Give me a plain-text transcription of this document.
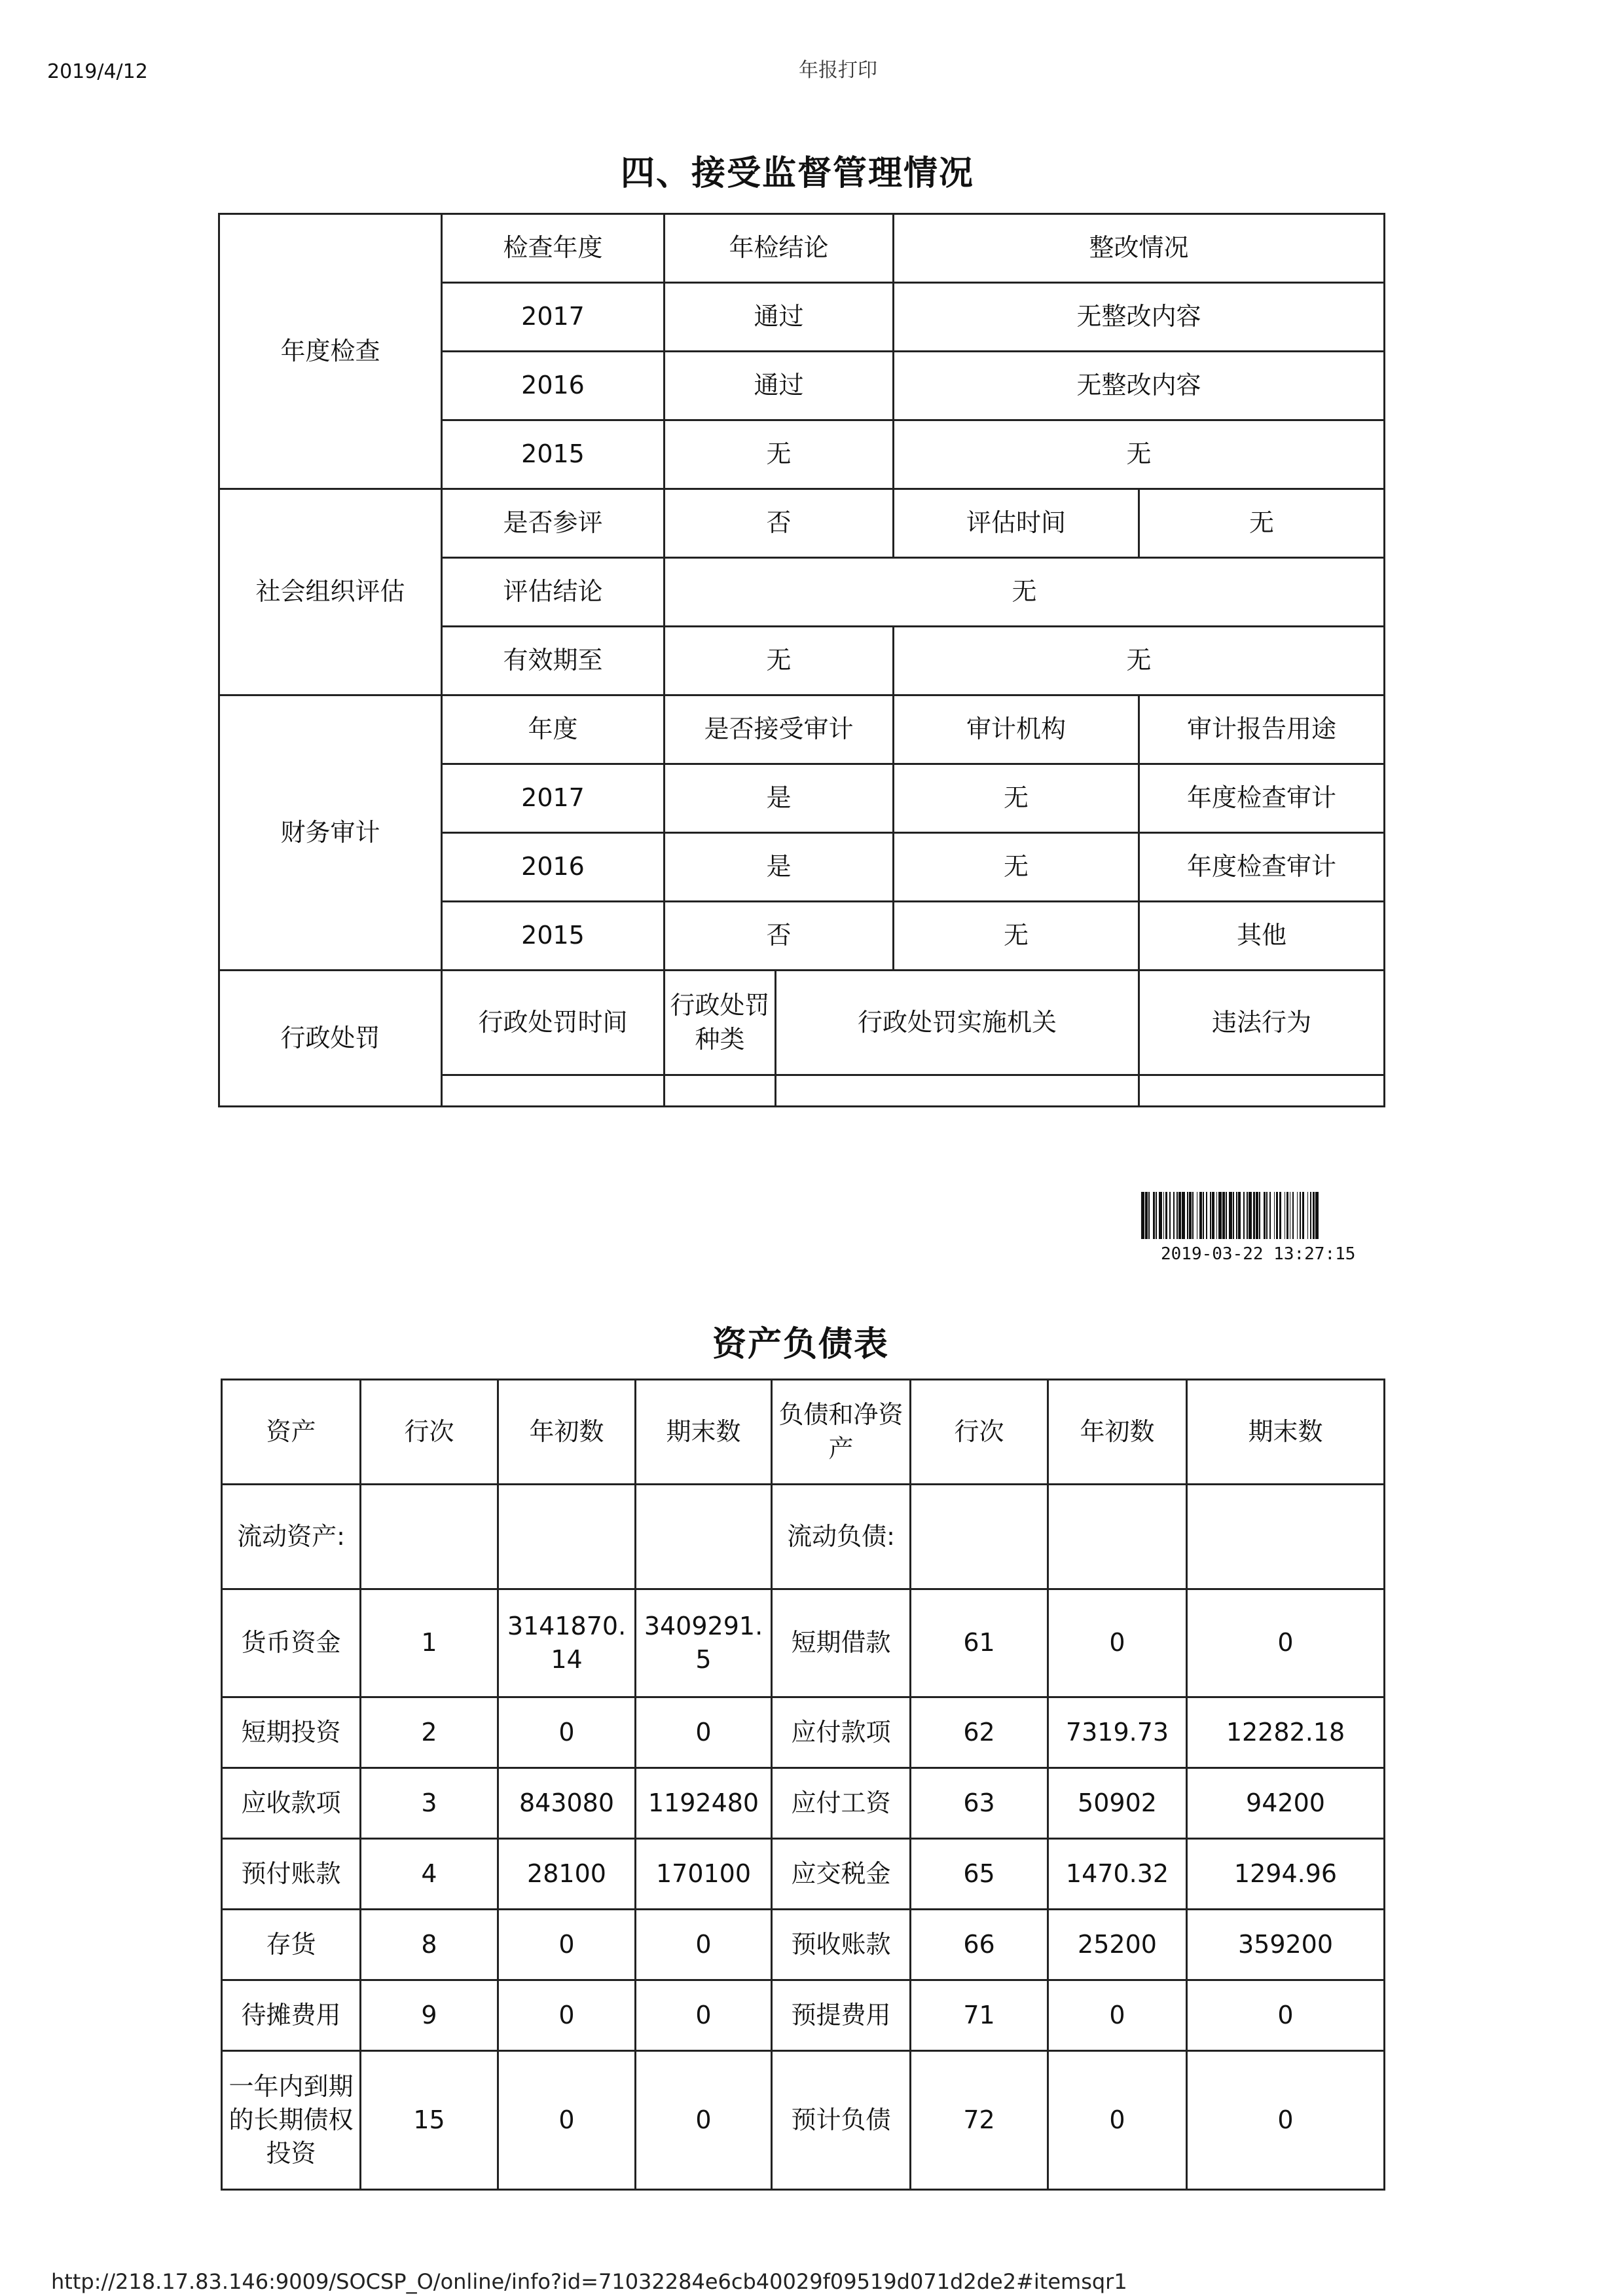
2019/4/12	年报打印
四、接受监督管理情况
年度检查	检查年度	年检结论		整改情况	
	2017	通过		无整改内容	
	2016	通过		无整改内容	
	2015	无		无	
社会组织评估	是否参评	否		评估时间	无
	评估结论	无			
	有效期至	无		无	
财务审计	年度	是否接受审计		审计机构	审计报告用途
	2017	是		无	年度检查审计
	2016	是		无	年度检查审计
	2015	否		无	其他
行政处罚	行政处罚时间	行政处罚种类	行政处罚实施机关		违法行为

2019-03-22 13:27:15
资产负债表
资产	行次	年初数	期末数	负债和净资产	行次	年初数	期末数
流动资产:				流动负债:			
货币资金	1	3141870.14	3409291.5	短期借款	61	0	0
短期投资	2	0	0	应付款项	62	7319.73	12282.18
应收款项	3	843080	1192480	应付工资	63	50902	94200
预付账款	4	28100	170100	应交税金	65	1470.32	1294.96
存货	8	0	0	预收账款	66	25200	359200
待摊费用	9	0	0	预提费用	71	0	0
一年内到期的长期债权投资	15	0	0	预计负债	72	0	0
http://218.17.83.146:9009/SOCSP_O/online/info?id=71032284e6cb40029f09519d071d2de2#itemsqr1
